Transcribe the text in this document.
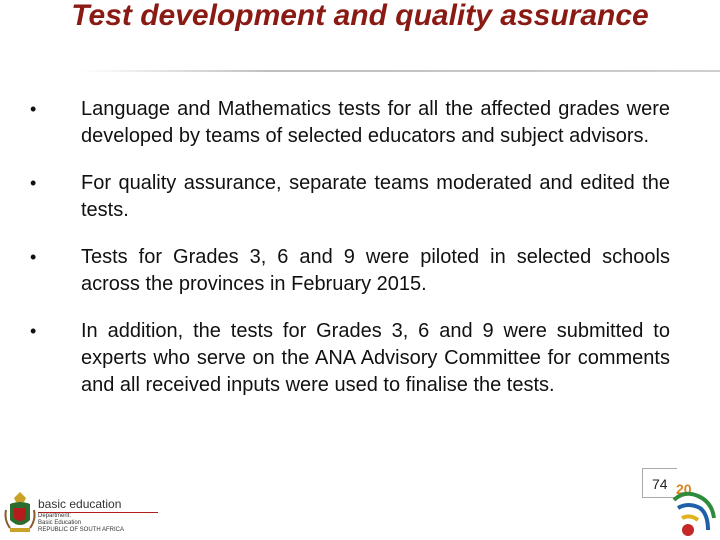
Test development and quality assurance
• Language and Mathematics tests for all the affected grades were developed by teams of selected educators and subject advisors.
• For quality assurance, separate teams moderated and edited the tests.
• Tests for Grades 3, 6 and 9 were piloted in selected schools across the provinces in February 2015.
• In addition, the tests for Grades 3, 6 and 9 were submitted to experts who serve on the ANA Advisory Committee for comments and all received inputs were used to finalise the tests.
basic education
Department:
Basic Education
REPUBLIC OF SOUTH AFRICA
74 20
